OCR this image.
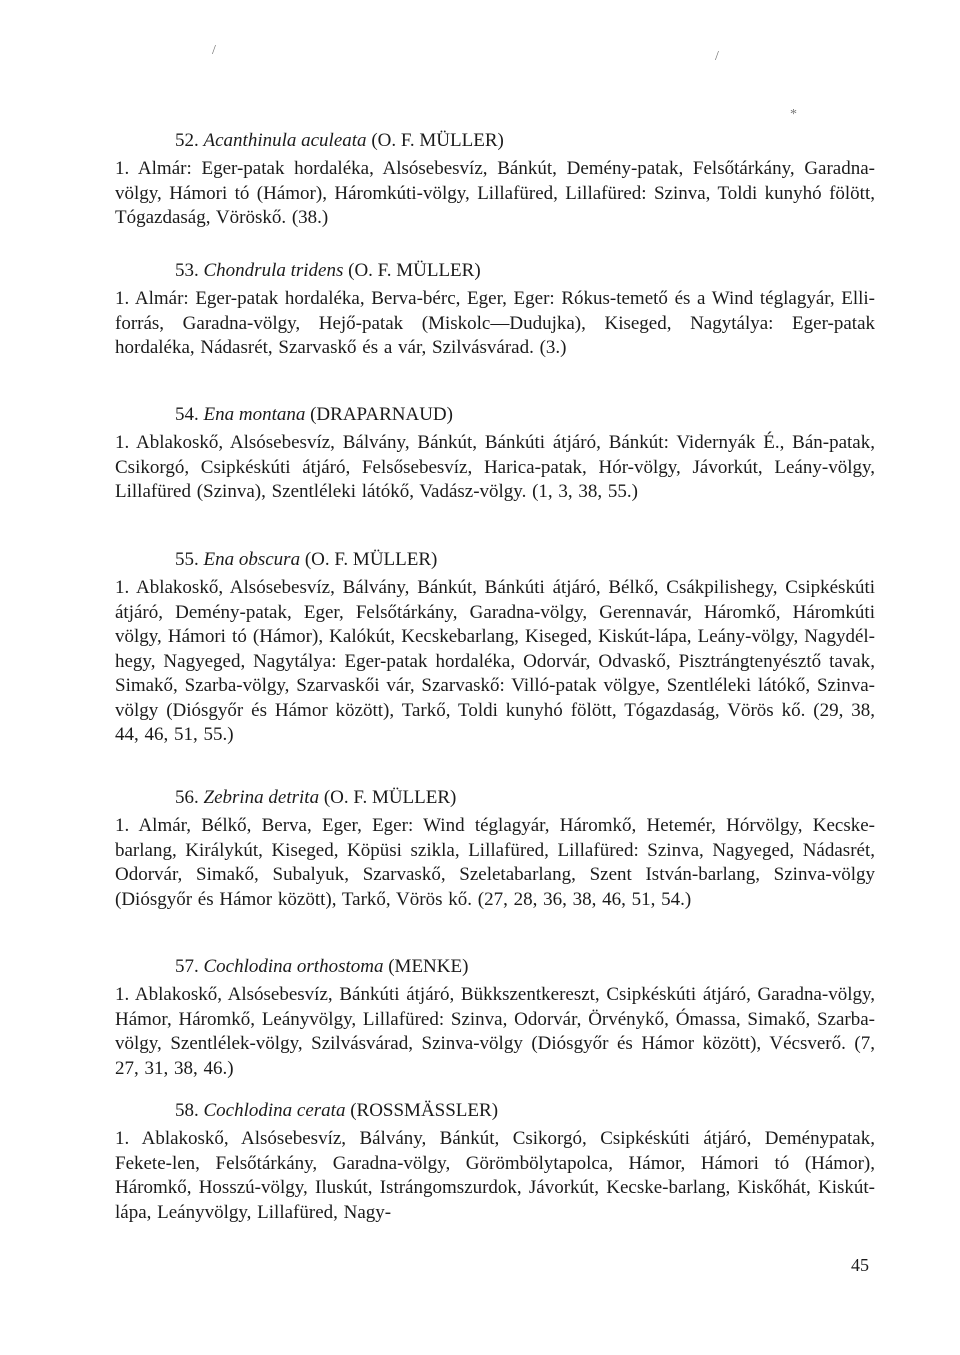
52. Acanthinula aculeata (O. F. MÜLLER)

1. Almár: Eger-patak hordaléka, Alsósebesvíz, Bánkút, Demény-patak, Felsőtárkány, Garadna-völgy, Hámori tó (Hámor), Háromkúti-völgy, Lillafüred, Lillafüred: Szinva, Toldi kunyhó fölött, Tógazdaság, Vöröskő. (38.)

53. Chondrula tridens (O. F. MÜLLER)

1. Almár: Eger-patak hordaléka, Berva-bérc, Eger, Eger: Rókus-temető és a Wind téglagyár, Elli-forrás, Garadna-völgy, Hejő-patak (Miskolc—Dudujka), Kiseged, Nagytálya: Eger-patak hordaléka, Nádasrét, Szarvaskő és a vár, Szilvásvárad. (3.)

54. Ena montana (DRAPARNAUD)

1. Ablakoskő, Alsósebesvíz, Bálvány, Bánkút, Bánkúti átjáró, Bánkút: Vidernyák É., Bán-patak, Csikorgó, Csipkéskúti átjáró, Felsősebesvíz, Harica-patak, Hór-völgy, Jávorkút, Leány-völgy, Lillafüred (Szinva), Szentléleki látókő, Vadász-völgy. (1, 3, 38, 55.)

55. Ena obscura (O. F. MÜLLER)

1. Ablakoskő, Alsósebesvíz, Bálvány, Bánkút, Bánkúti átjáró, Bélkő, Csákpilishegy, Csipkéskúti átjáró, Demény-patak, Eger, Felsőtárkány, Garadna-völgy, Gerennavár, Háromkő, Háromkúti völgy, Hámori tó (Hámor), Kalókút, Kecskebarlang, Kiseged, Kiskút-lápa, Leány-völgy, Nagydél-hegy, Nagyeged, Nagytálya: Eger-patak hordaléka, Odorvár, Odvaskő, Pisztrángtenyésztő tavak, Simakő, Szarba-völgy, Szarvaskői vár, Szarvaskő: Villó-patak völgye, Szentléleki látókő, Szinva-völgy (Diósgyőr és Hámor között), Tarkő, Toldi kunyhó fölött, Tógazdaság, Vörös kő. (29, 38, 44, 46, 51, 55.)

56. Zebrina detrita (O. F. MÜLLER)

1. Almár, Bélkő, Berva, Eger, Eger: Wind téglagyár, Háromkő, Hetemér, Hórvölgy, Kecske-barlang, Királykút, Kiseged, Köpüsi szikla, Lillafüred, Lillafüred: Szinva, Nagyeged, Nádasrét, Odorvár, Simakő, Subalyuk, Szarvaskő, Szeletabarlang, Szent István-barlang, Szinva-völgy (Diósgyőr és Hámor között), Tarkő, Vörös kő. (27, 28, 36, 38, 46, 51, 54.)

57. Cochlodina orthostoma (MENKE)

1. Ablakoskő, Alsósebesvíz, Bánkúti átjáró, Bükkszentkereszt, Csipkéskúti átjáró, Garadna-völgy, Hámor, Háromkő, Leányvölgy, Lillafüred: Szinva, Odorvár, Örvénykő, Ómassa, Simakő, Szarba-völgy, Szentlélek-völgy, Szilvásvárad, Szinva-völgy (Diósgyőr és Hámor között), Vécsverő. (7, 27, 31, 38, 46.)

58. Cochlodina cerata (ROSSMÄSSLER)

1. Ablakoskő, Alsósebesvíz, Bálvány, Bánkút, Csikorgó, Csipkéskúti átjáró, Deménypatak, Fekete-len, Felsőtárkány, Garadna-völgy, Görömbölytapolca, Hámor, Hámori tó (Hámor), Háromkő, Hosszú-völgy, Iluskút, Istrángomszurdok, Jávorkút, Kecske-barlang, Kiskőhát, Kiskút-lápa, Leányvölgy, Lillafüred, Nagy-

45
/	/
*
